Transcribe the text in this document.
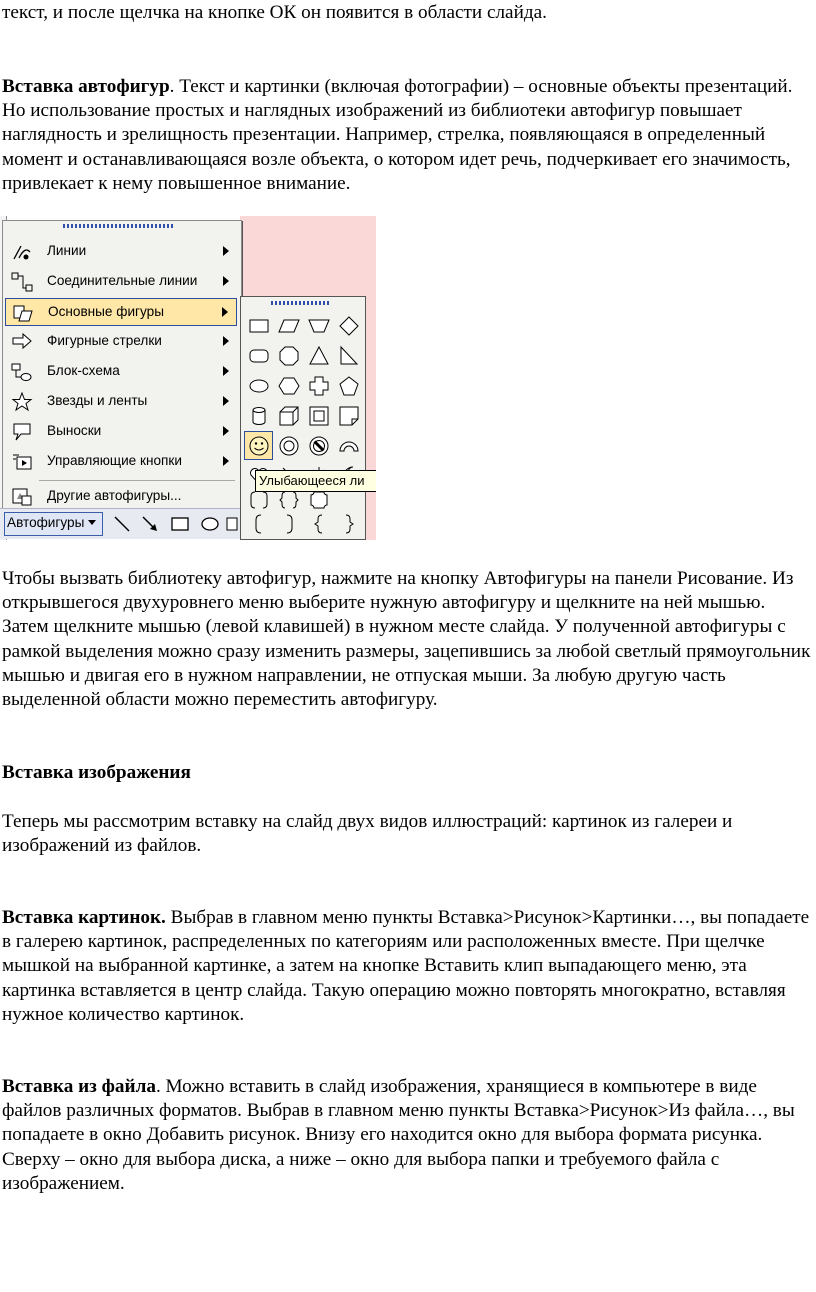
текст, и после щелчка на кнопке ОК он появится в области слайда.

Вставка автофигур. Текст и картинки (включая фотографии) – основные объекты презентаций. Но использование простых и наглядных изображений из библиотеки автофигур повышает наглядность и зрелищность презентации. Например, стрелка, появляющаяся в определенный момент и останавливающаяся возле объекта, о котором идет речь, подчеркивает его значимость, привлекает к нему повышенное внимание.

Линии
Соединительные линии
Основные фигуры
Фигурные стрелки
Блок-схема
Звезды и ленты
Выноски
Управляющие кнопки
Другие автофигуры...
Улыбающееся ли
Автофигуры

Чтобы вызвать библиотеку автофигур, нажмите на кнопку Автофигуры на панели Рисование. Из открывшегося двухуровнего меню выберите нужную автофигуру и щелкните на ней мышью. Затем щелкните мышью (левой клавишей) в нужном месте слайда. У полученной автофигуры с рамкой выделения можно сразу изменить размеры, зацепившись за любой светлый прямоугольник мышью и двигая его в нужном направлении, не отпуская мыши. За любую другую часть выделенной области можно переместить автофигуру.

Вставка изображения

Теперь мы рассмотрим вставку на слайд двух видов иллюстраций: картинок из галереи и изображений из файлов.

Вставка картинок. Выбрав в главном меню пункты Вставка>Рисунок>Картинки…, вы попадаете в галерею картинок, распределенных по категориям или расположенных вместе. При щелчке мышкой на выбранной картинке, а затем на кнопке Вставить клип выпадающего меню, эта картинка вставляется в центр слайда. Такую операцию можно повторять многократно, вставляя нужное количество картинок.

Вставка из файла. Можно вставить в слайд изображения, хранящиеся в компьютере в виде файлов различных форматов. Выбрав в главном меню пункты Вставка>Рисунок>Из файла…, вы попадаете в окно Добавить рисунок. Внизу его находится окно для выбора формата рисунка. Сверху – окно для выбора диска, а ниже – окно для выбора папки и требуемого файла с изображением.
